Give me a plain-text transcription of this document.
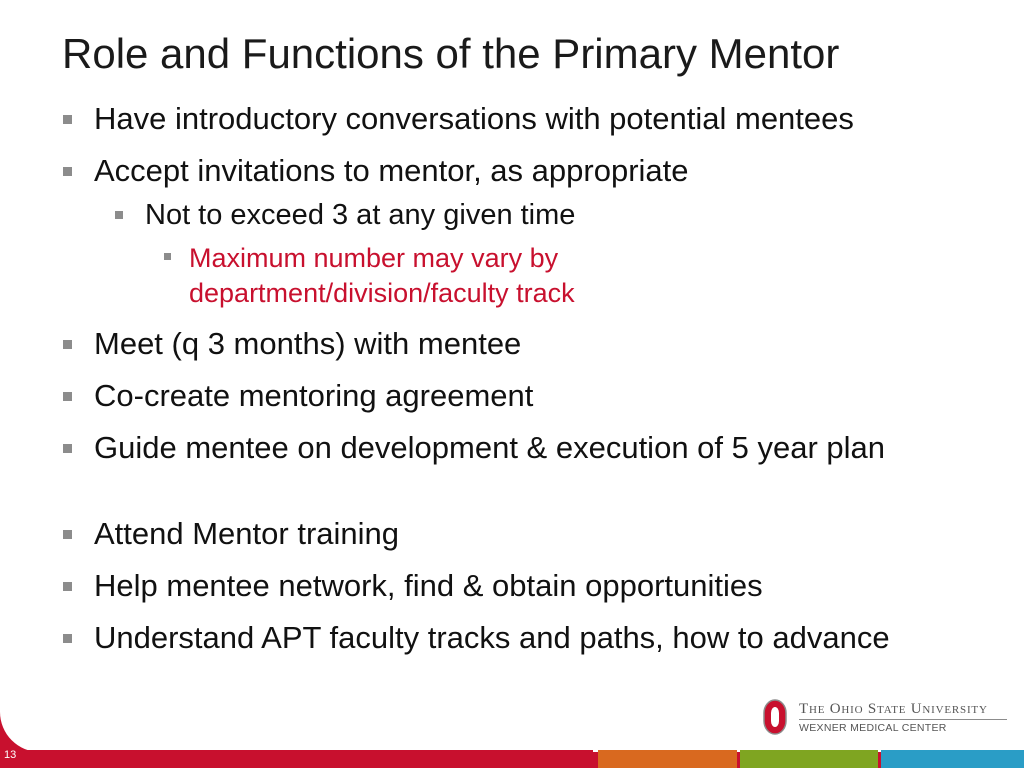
Role and Functions of the Primary Mentor
Have introductory conversations with potential mentees
Accept invitations to mentor, as appropriate
Not to exceed 3 at any given time
Maximum number may vary by department/division/faculty track
Meet (q 3 months) with mentee
Co-create mentoring agreement
Guide mentee on development & execution of 5 year plan
Attend Mentor training
Help mentee network, find & obtain opportunities
Understand APT faculty tracks and paths, how to advance
The Ohio State University
WEXNER MEDICAL CENTER
13
